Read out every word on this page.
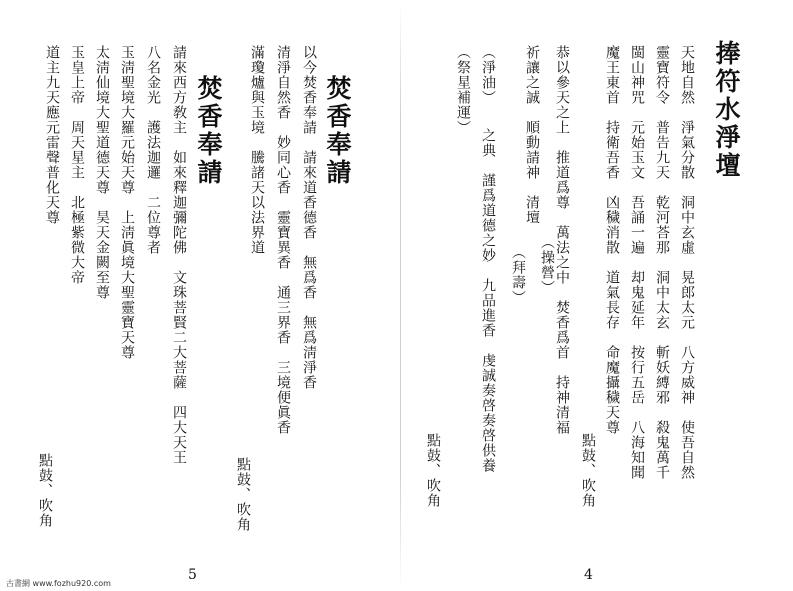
焚香奉請
以今焚香奉請　請來道香德香　無爲香　無爲淸淨香
清淨自然香　妙同心香　靈寶異香　通三界香　三境便眞香
滿瓊爐與玉境　騰諸天以法界道
點鼓、吹角
焚香奉請
請來西方敎主　如來釋迦彌陀佛　文珠菩賢二大菩薩　四大天王
八名金光　護法迦邏　二位尊者
玉淸聖境大羅元始天尊　上淸眞境大聖靈寶天尊
太淸仙境大聖道德天尊　昊天金闕至尊
玉皇上帝　周天星主　北極紫微大帝
道主九天應元雷聲普化天尊
點鼓、吹角
5
捧符水淨壇
天地自然　淨氣分散　洞中玄虛　晃郎太元　八方威神　使吾自然
靈寶符令　普告九天　乾河荅那　洞中太玄　斬妖縛邪　殺鬼萬千
閩山神咒　元始玉文　吾誦一遍　却鬼延年　按行五岳　八海知聞
魔王東首　持衛吾香　凶穢消散　道氣長存　命魔攝穢天尊
點鼓、吹角
恭以參天之上　推道爲尊　萬法之中　焚香爲首　持神清福
祈讓之誠　順動請神　清壇
（操營）
（拜壽）
（淨油）　　之典　謹爲道德之妙　九品進香　虔誠奏啓奏啓供養
（祭星補運）
點鼓、吹角
4
古書網 www.fozhu920.com
